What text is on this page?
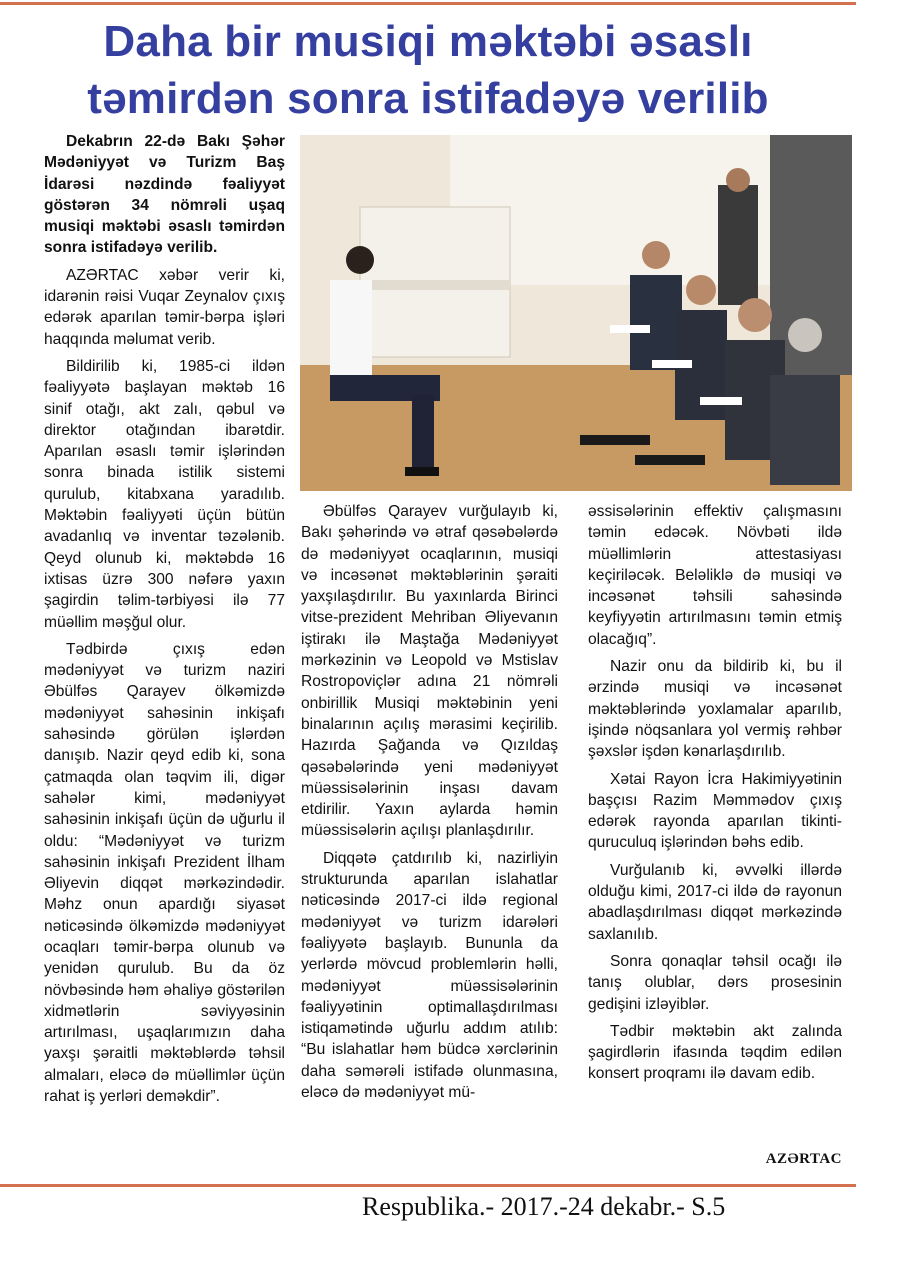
Daha bir musiqi məktəbi əsaslı
təmirdən sonra istifadəyə verilib

Dekabrın 22-də Bakı Şəhər Mədəniyyət və Turizm Baş İdarəsi nəzdində fəaliyyət göstərən 34 nömrəli uşaq musiqi məktəbi əsaslı təmirdən sonra istifadəyə verilib.

AZƏRTAC xəbər verir ki, idarənin rəisi Vuqar Zeynalov çıxış edərək aparılan təmir-bərpa işləri haqqında məlumat verib.

Bildirilib ki, 1985-ci ildən fəaliyyətə başlayan məktəb 16 sinif otağı, akt zalı, qəbul və direktor otağından ibarətdir. Aparılan əsaslı təmir işlərindən sonra binada istilik sistemi qurulub, kitabxana yaradılıb. Məktəbin fəaliyyəti üçün bütün avadanlıq və inventar təzələnib. Qeyd olunub ki, məktəbdə 16 ixtisas üzrə 300 nəfərə yaxın şagirdin təlim-tərbiyəsi ilə 77 müəllim məşğul olur.

Tədbirdə çıxış edən mədəniyyət və turizm naziri Əbülfəs Qarayev ölkəmizdə mədəniyyət sahəsinin inkişafı sahəsində görülən işlərdən danışıb. Nazir qeyd edib ki, sona çatmaqda olan təqvim ili, digər sahələr kimi, mədəniyyət sahəsinin inkişafı üçün də uğurlu il oldu: “Mədəniyyət və turizm sahəsinin inkişafı Prezident İlham Əliyevin diqqət mərkəzindədir. Məhz onun apardığı siyasət nəticəsində ölkəmizdə mədəniyyət ocaqları təmir-bərpa olunub və yenidən qurulub. Bu da öz növbəsində həm əhaliyə göstərilən xidmətlərin səviyyəsinin artırılması, uşaqlarımızın daha yaxşı şəraitli məktəblərdə təhsil almaları, eləcə də müəllimlər üçün rahat iş yerləri deməkdir”.

Əbülfəs Qarayev vurğulayıb ki, Bakı şəhərində və ətraf qəsəbələrdə də mədəniyyət ocaqlarının, musiqi və incəsənət məktəblərinin şəraiti yaxşılaşdırılır. Bu yaxınlarda Birinci vitse-prezident Mehriban Əliyevanın iştirakı ilə Maştağa Mədəniyyət mərkəzinin və Leopold və Mstislav Rostropoviçlər adına 21 nömrəli onbirillik Musiqi məktəbinin yeni binalarının açılış mərasimi keçirilib. Hazırda Şağanda və Qızıldaş qəsəbələrində yeni mədəniyyət müəssisələrinin inşası davam etdirilir. Yaxın aylarda həmin müəssisələrin açılışı planlaşdırılır.

Diqqətə çatdırılıb ki, nazirliyin strukturunda aparılan islahatlar nəticəsində 2017-ci ildə regional mədəniyyət və turizm idarələri fəaliyyətə başlayıb. Bununla da yerlərdə mövcud problemlərin həlli, mədəniyyət müəssisələrinin fəaliyyətinin optimallaşdırılması istiqamətində uğurlu addım atılıb: “Bu islahatlar həm büdcə xərclərinin daha səmərəli istifadə olunmasına, eləcə də mədəniyyət mü-

əssisələrinin effektiv çalışmasını təmin edəcək. Növbəti ildə müəllimlərin attestasiyası keçiriləcək. Beləliklə də musiqi və incəsənət təhsili sahəsində keyfiyyətin artırılmasını təmin etmiş olacağıq”.

Nazir onu da bildirib ki, bu il ərzində musiqi və incəsənət məktəblərində yoxlamalar aparılıb, işində nöqsanlara yol vermiş rəhbər şəxslər işdən kənarlaşdırılıb.

Xətai Rayon İcra Hakimiyyətinin başçısı Razim Məmmədov çıxış edərək rayonda aparılan tikinti-quruculuq işlərindən bəhs edib.

Vurğulanıb ki, əvvəlki illərdə olduğu kimi, 2017-ci ildə də rayonun abadlaşdırılması diqqət mərkəzində saxlanılıb.

Sonra qonaqlar təhsil ocağı ilə tanış olublar, dərs prosesinin gedişini izləyiblər.

Tədbir məktəbin akt zalında şagirdlərin ifasında təqdim edilən konsert proqramı ilə davam edib.

AZƏRTAC
Respublika.- 2017.-24 dekabr.- S.5
